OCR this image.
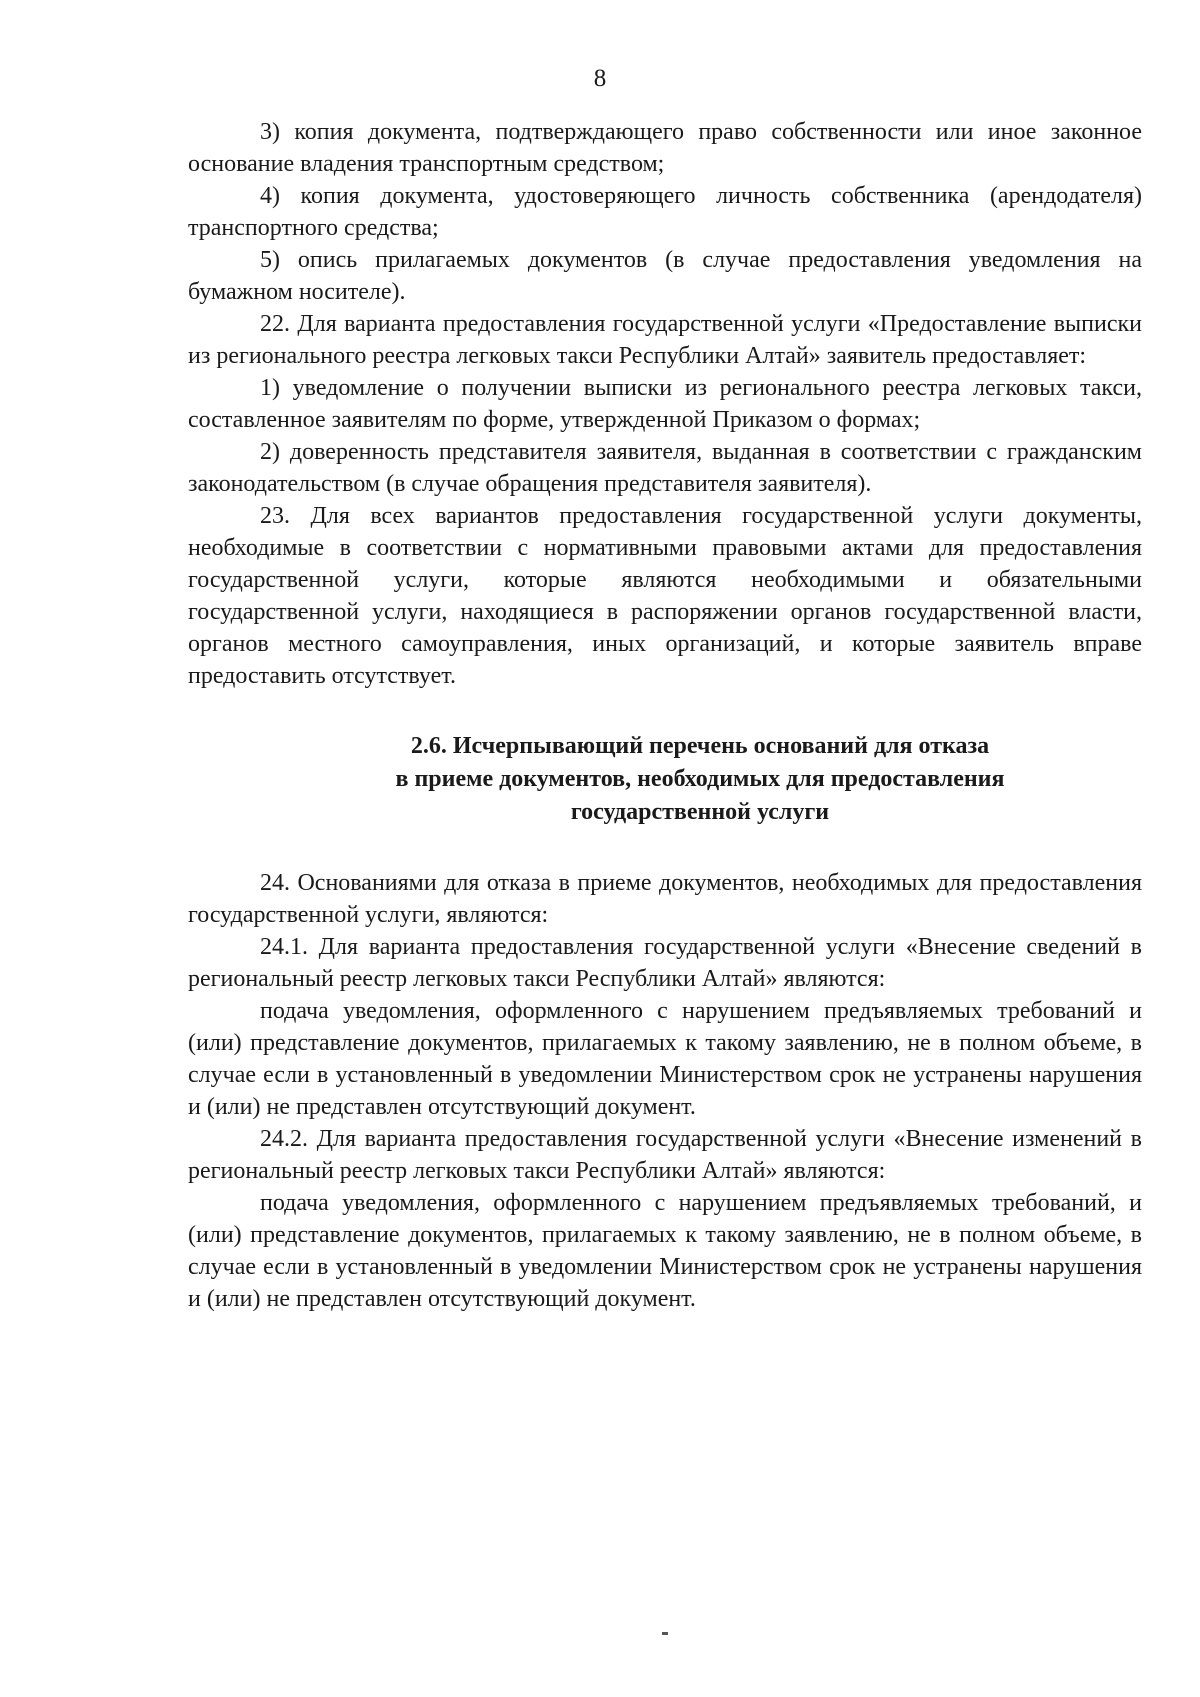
8

3) копия документа, подтверждающего право собственности или иное законное основание владения транспортным средством;

4) копия документа, удостоверяющего личность собственника (арендодателя) транспортного средства;

5) опись прилагаемых документов (в случае предоставления уведомления на бумажном носителе).

22. Для варианта предоставления государственной услуги «Предоставление выписки из регионального реестра легковых такси Республики Алтай» заявитель предоставляет:

1) уведомление о получении выписки из регионального реестра легковых такси, составленное заявителям по форме, утвержденной Приказом о формах;

2) доверенность представителя заявителя, выданная в соответствии с гражданским законодательством (в случае обращения представителя заявителя).

23. Для всех вариантов предоставления государственной услуги документы, необходимые в соответствии с нормативными правовыми актами для предоставления государственной услуги, которые являются необходимыми и обязательными государственной услуги, находящиеся в распоряжении органов государственной власти, органов местного самоуправления, иных организаций, и которые заявитель вправе предоставить отсутствует.

2.6. Исчерпывающий перечень оснований для отказа
в приеме документов, необходимых для предоставления
государственной услуги

24. Основаниями для отказа в приеме документов, необходимых для предоставления государственной услуги, являются:

24.1. Для варианта предоставления государственной услуги «Внесение сведений в региональный реестр легковых такси Республики Алтай» являются:

подача уведомления, оформленного с нарушением предъявляемых требований и (или) представление документов, прилагаемых к такому заявлению, не в полном объеме, в случае если в установленный в уведомлении Министерством срок не устранены нарушения и (или) не представлен отсутствующий документ.

24.2. Для варианта предоставления государственной услуги «Внесение изменений в региональный реестр легковых такси Республики Алтай» являются:

подача уведомления, оформленного с нарушением предъявляемых требований, и (или) представление документов, прилагаемых к такому заявлению, не в полном объеме, в случае если в установленный в уведомлении Министерством срок не устранены нарушения и (или) не представлен отсутствующий документ.
